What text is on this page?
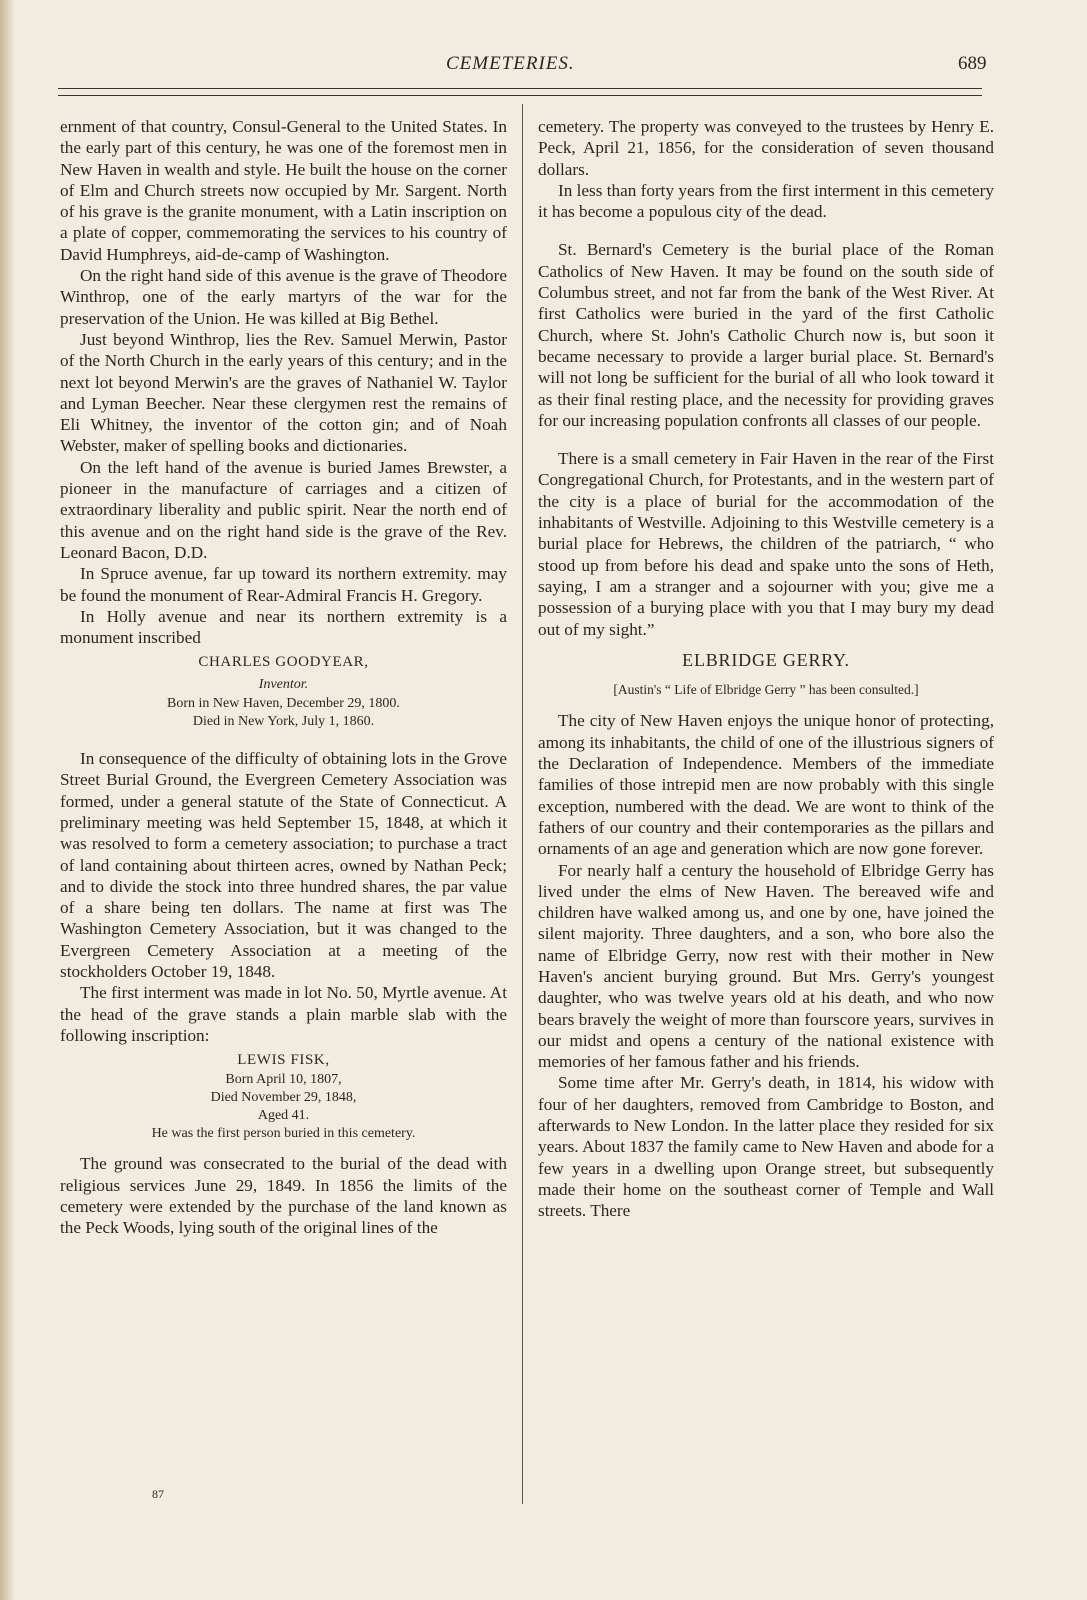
CEMETERIES.	689

ernment of that country, Consul-General to the United States. In the early part of this century, he was one of the foremost men in New Haven in wealth and style. He built the house on the corner of Elm and Church streets now occupied by Mr. Sargent. North of his grave is the granite monument, with a Latin inscription on a plate of copper, commemorating the services to his country of David Humphreys, aid-de-camp of Washington.

On the right hand side of this avenue is the grave of Theodore Winthrop, one of the early martyrs of the war for the preservation of the Union. He was killed at Big Bethel.

Just beyond Winthrop, lies the Rev. Samuel Merwin, Pastor of the North Church in the early years of this century; and in the next lot beyond Merwin's are the graves of Nathaniel W. Taylor and Lyman Beecher. Near these clergymen rest the remains of Eli Whitney, the inventor of the cotton gin; and of Noah Webster, maker of spelling books and dictionaries.

On the left hand of the avenue is buried James Brewster, a pioneer in the manufacture of carriages and a citizen of extraordinary liberality and public spirit. Near the north end of this avenue and on the right hand side is the grave of the Rev. Leonard Bacon, D.D.

In Spruce avenue, far up toward its northern extremity. may be found the monument of Rear-Admiral Francis H. Gregory.

In Holly avenue and near its northern extremity is a monument inscribed

CHARLES GOODYEAR,
Inventor.
Born in New Haven, December 29, 1800.
Died in New York, July 1, 1860.

In consequence of the difficulty of obtaining lots in the Grove Street Burial Ground, the Evergreen Cemetery Association was formed, under a general statute of the State of Connecticut. A preliminary meeting was held September 15, 1848, at which it was resolved to form a cemetery association; to purchase a tract of land containing about thirteen acres, owned by Nathan Peck; and to divide the stock into three hundred shares, the par value of a share being ten dollars. The name at first was The Washington Cemetery Association, but it was changed to the Evergreen Cemetery Association at a meeting of the stockholders October 19, 1848.

The first interment was made in lot No. 50, Myrtle avenue. At the head of the grave stands a plain marble slab with the following inscription:

LEWIS FISK,
Born April 10, 1807,
Died November 29, 1848,
Aged 41.
He was the first person buried in this cemetery.

The ground was consecrated to the burial of the dead with religious services June 29, 1849. In 1856 the limits of the cemetery were extended by the purchase of the land known as the Peck Woods, lying south of the original lines of the

87

cemetery. The property was conveyed to the trustees by Henry E. Peck, April 21, 1856, for the consideration of seven thousand dollars.

In less than forty years from the first interment in this cemetery it has become a populous city of the dead.

St. Bernard's Cemetery is the burial place of the Roman Catholics of New Haven. It may be found on the south side of Columbus street, and not far from the bank of the West River. At first Catholics were buried in the yard of the first Catholic Church, where St. John's Catholic Church now is, but soon it became necessary to provide a larger burial place. St. Bernard's will not long be sufficient for the burial of all who look toward it as their final resting place, and the necessity for providing graves for our increasing population confronts all classes of our people.

There is a small cemetery in Fair Haven in the rear of the First Congregational Church, for Protestants, and in the western part of the city is a place of burial for the accommodation of the inhabitants of Westville. Adjoining to this Westville cemetery is a burial place for Hebrews, the children of the patriarch, “ who stood up from before his dead and spake unto the sons of Heth, saying, I am a stranger and a sojourner with you; give me a possession of a burying place with you that I may bury my dead out of my sight.”

ELBRIDGE GERRY.
[Austin's “ Life of Elbridge Gerry ” has been consulted.]

The city of New Haven enjoys the unique honor of protecting, among its inhabitants, the child of one of the illustrious signers of the Declaration of Independence. Members of the immediate families of those intrepid men are now probably with this single exception, numbered with the dead. We are wont to think of the fathers of our country and their contemporaries as the pillars and ornaments of an age and generation which are now gone forever.

For nearly half a century the household of Elbridge Gerry has lived under the elms of New Haven. The bereaved wife and children have walked among us, and one by one, have joined the silent majority. Three daughters, and a son, who bore also the name of Elbridge Gerry, now rest with their mother in New Haven's ancient burying ground. But Mrs. Gerry's youngest daughter, who was twelve years old at his death, and who now bears bravely the weight of more than fourscore years, survives in our midst and opens a century of the national existence with memories of her famous father and his friends.

Some time after Mr. Gerry's death, in 1814, his widow with four of her daughters, removed from Cambridge to Boston, and afterwards to New London. In the latter place they resided for six years. About 1837 the family came to New Haven and abode for a few years in a dwelling upon Orange street, but subsequently made their home on the southeast corner of Temple and Wall streets. There
